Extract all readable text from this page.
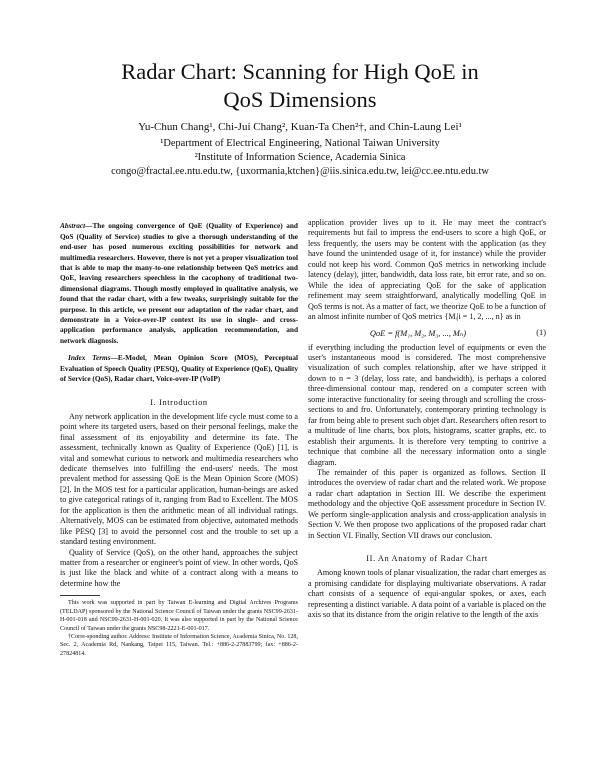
Radar Chart: Scanning for High QoE in
QoS Dimensions
Yu-Chun Chang¹, Chi-Jui Chang², Kuan-Ta Chen²†, and Chin-Laung Lei¹
¹Department of Electrical Engineering, National Taiwan University
²Institute of Information Science, Academia Sinica
congo@fractal.ee.ntu.edu.tw, {uxormania,ktchen}@iis.sinica.edu.tw, lei@cc.ee.ntu.edu.tw

Abstract—The ongoing convergence of QoE (Quality of Experience) and QoS (Quality of Service) studies to give a thorough understanding of the end-user has posed numerous exciting possibilities for network and multimedia researchers. However, there is not yet a proper visualization tool that is able to map the many-to-one relationship between QoS metrics and QoE, leaving researchers speechless in the cacophony of traditional two-dimensional diagrams. Though mostly employed in qualitative analysis, we found that the radar chart, with a few tweaks, surprisingly suitable for the purpose. In this article, we present our adaptation of the radar chart, and demonstrate in a Voice-over-IP context its use in single- and cross-application performance analysis, application recommendation, and network diagnosis.

Index Terms—E-Model, Mean Opinion Score (MOS), Perceptual Evaluation of Speech Quality (PESQ), Quality of Experience (QoE), Quality of Service (QoS), Radar chart, Voice-over-IP (VoIP)

I. Introduction

Any network application in the development life cycle must come to a point where its targeted users, based on their personal feelings, make the final assessment of its enjoyability and determine its fate. The assessment, technically known as Quality of Experience (QoE) [1], is vital and somewhat curious to network and multimedia researchers who dedicate themselves into fulfilling the end-users' needs. The most prevalent method for assessing QoE is the Mean Opinion Score (MOS) [2]. In the MOS test for a particular application, human-beings are asked to give categorical ratings of it, ranging from Bad to Excellent. The MOS for the application is then the arithmetic mean of all individual ratings. Alternatively, MOS can be estimated from objective, automated methods like PESQ [3] to avoid the personnel cost and the trouble to set up a standard testing environment.

Quality of Service (QoS), on the other hand, approaches the subject matter from a researcher or engineer's point of view. In other words, QoS is just like the black and white of a contract along with a means to determine how the

This work was supported in part by Taiwan E-learning and Digital Archives Programs (TELDAP) sponsored by the National Science Council of Taiwan under the grants NSC99-2631-H-001-018 and NSC99-2631-H-001-020. It was also supported in part by the National Science Council of Taiwan under the grants NSC98-2221-E-001-017.

†Corre-sponding author. Address: Institute of Information Science, Academia Sinica, No. 128, Sec. 2, Academia Rd, Nankang, Taipei 115, Taiwan. Tel.: +886-2-27883799; fax: +886-2-27824814.

application provider lives up to it. He may meet the contract's requirements but fail to impress the end-users to score a high QoE, or less frequently, the users may be content with the application (as they have found the unintended usage of it, for instance) while the provider could not keep his word. Common QoS metrics in networking include latency (delay), jitter, bandwidth, data loss rate, bit error rate, and so on. While the idea of appreciating QoE for the sake of application refinement may seem straightforward, analytically modelling QoE in QoS terms is not. As a matter of fact, we theorize QoE to be a function of an almost infinite number of QoS metrics {Mᵢ|i = 1, 2, ..., n} as in

QoE = f(M₁, M₂, M₃, ..., Mₙ)	(1)

if everything including the production level of equipments or even the user's instantaneous mood is considered. The most comprehensive visualization of such complex relationship, after we have stripped it down to n = 3 (delay, loss rate, and bandwidth), is perhaps a colored three-dimensional contour map, rendered on a computer screen with some interactive functionality for seeing through and scrolling the cross-sections to and fro. Unfortunately, contemporary printing technology is far from being able to present such objet d'art. Researchers often resort to a multitude of line charts, box plots, histograms, scatter graphs, etc. to establish their arguments. It is therefore very tempting to contrive a technique that combine all the necessary information onto a single diagram.

The remainder of this paper is organized as follows. Section II introduces the overview of radar chart and the related work. We propose a radar chart adaptation in Section III. We describe the experiment methodology and the objective QoE assessment procedure in Section IV. We perform single-application analysis and cross-application analysis in Section V. We then propose two applications of the proposed radar chart in Section VI. Finally, Section VII draws our conclusion.

II. An Anatomy of Radar Chart

Among known tools of planar visualization, the radar chart emerges as a promising candidate for displaying multivariate observations. A radar chart consists of a sequence of equi-angular spokes, or axes, each representing a distinct variable. A data point of a variable is placed on the axis so that its distance from the origin relative to the length of the axis
